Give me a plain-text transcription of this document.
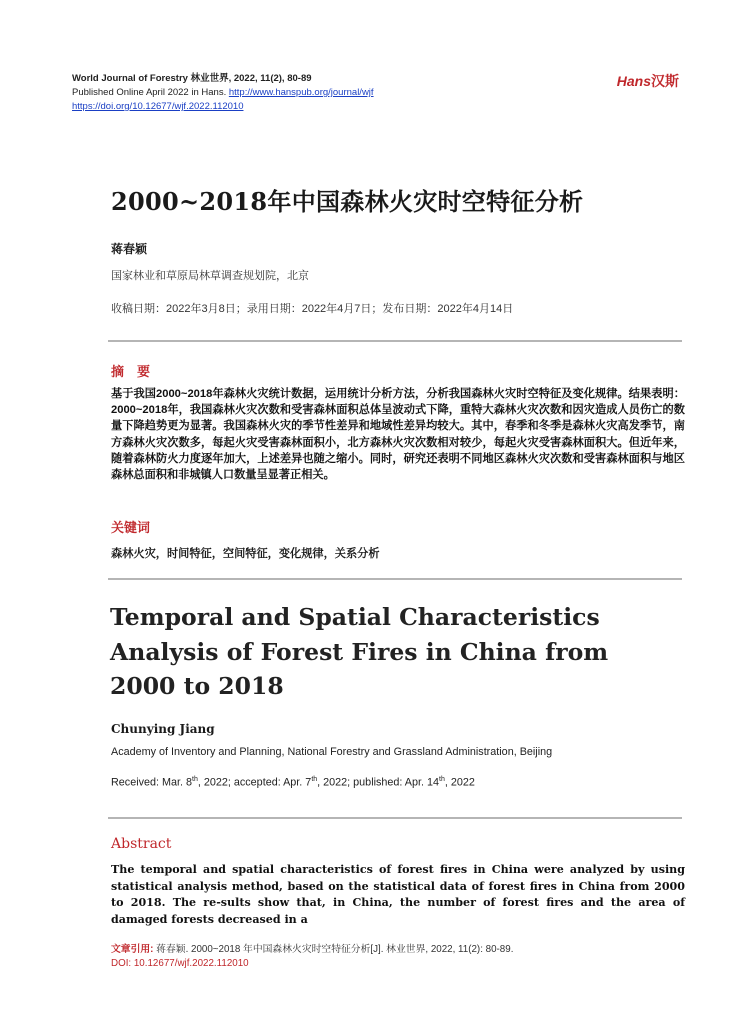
World Journal of Forestry 林业世界, 2022, 11(2), 80-89
Published Online April 2022 in Hans. http://www.hanspub.org/journal/wjf
https://doi.org/10.12677/wjf.2022.112010
Hans汉斯
2000~2018年中国森林火灾时空特征分析
蒋春颖
国家林业和草原局林草调查规划院，北京
收稿日期：2022年3月8日；录用日期：2022年4月7日；发布日期：2022年4月14日
摘　要
基于我国2000~2018年森林火灾统计数据，运用统计分析方法，分析我国森林火灾时空特征及变化规律。结果表明：2000~2018年，我国森林火灾次数和受害森林面积总体呈波动式下降，重特大森林火灾次数和因灾造成人员伤亡的数量下降趋势更为显著。我国森林火灾的季节性差异和地域性差异均较大。其中，春季和冬季是森林火灾高发季节，南方森林火灾次数多，每起火灾受害森林面积小，北方森林火灾次数相对较少，每起火灾受害森林面积大。但近年来，随着森林防火力度逐年加大，上述差异也随之缩小。同时，研究还表明不同地区森林火灾次数和受害森林面积与地区森林总面积和非城镇人口数量呈显著正相关。
关键词
森林火灾，时间特征，空间特征，变化规律，关系分析
Temporal and Spatial Characteristics
Analysis of Forest Fires in China from
2000 to 2018
Chunying Jiang
Academy of Inventory and Planning, National Forestry and Grassland Administration, Beijing
Received: Mar. 8th, 2022; accepted: Apr. 7th, 2022; published: Apr. 14th, 2022
Abstract
The temporal and spatial characteristics of forest fires in China were analyzed by using statistical analysis method, based on the statistical data of forest fires in China from 2000 to 2018. The re-sults show that, in China, the number of forest fires and the area of damaged forests decreased in a
文章引用: 蒋春颖. 2000~2018 年中国森林火灾时空特征分析[J]. 林业世界, 2022, 11(2): 80-89.
DOI: 10.12677/wjf.2022.112010
